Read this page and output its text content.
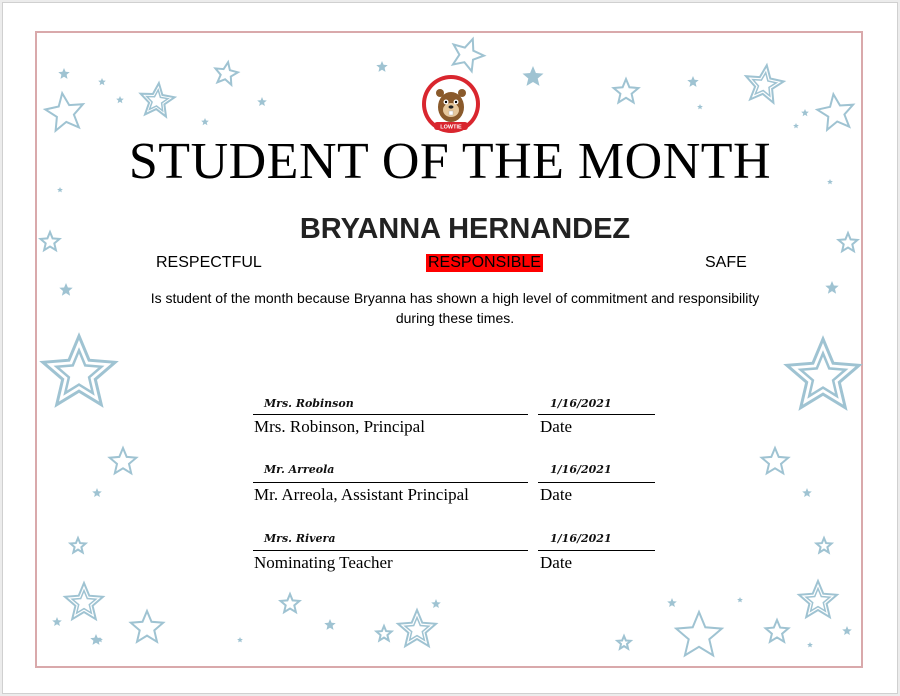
LOWTIE
STUDENT OF THE MONTH
BRYANNA HERNANDEZ
RESPECTFUL	RESPONSIBLE	SAFE
Is student of the month because Bryanna has shown a high level of commitment and responsibility during these times.
Mrs. Robinson
Mrs. Robinson, Principal
1/16/2021
Date
Mr. Arreola
Mr. Arreola, Assistant Principal
1/16/2021
Date
Mrs. Rivera
Nominating Teacher
1/16/2021
Date
